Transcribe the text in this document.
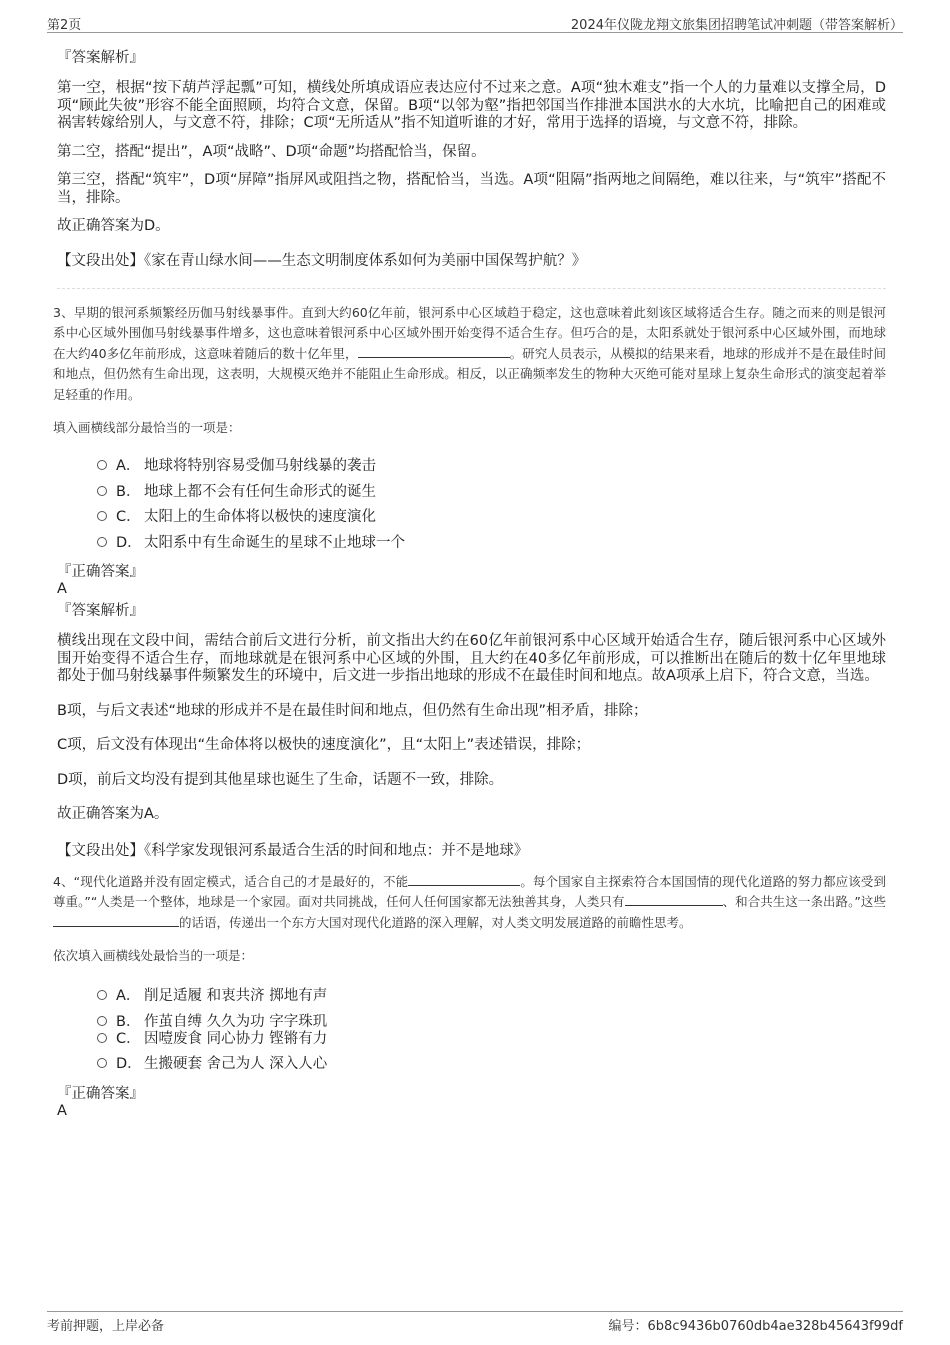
第2页	2024年仪陇龙翔文旅集团招聘笔试冲刺题（带答案解析）
『答案解析』

第一空，根据“按下葫芦浮起瓢”可知，横线处所填成语应表达应付不过来之意。A项“独木难支”指一个人的力量难以支撑全局，D项“顾此失彼”形容不能全面照顾，均符合文意，保留。B项“以邻为壑”指把邻国当作排泄本国洪水的大水坑，比喻把自己的困难或祸害转嫁给别人，与文意不符，排除；C项“无所适从”指不知道听谁的才好，常用于选择的语境，与文意不符，排除。

第二空，搭配“提出”，A项“战略”、D项“命题”均搭配恰当，保留。

第三空，搭配“筑牢”，D项“屏障”指屏风或阻挡之物，搭配恰当，当选。A项“阻隔”指两地之间隔绝，难以往来，与“筑牢”搭配不当，排除。

故正确答案为D。

【文段出处】《家在青山绿水间——生态文明制度体系如何为美丽中国保驾护航？》

3、早期的银河系频繁经历伽马射线暴事件。直到大约60亿年前，银河系中心区域趋于稳定，这也意味着此刻该区域将适合生存。随之而来的则是银河系中心区域外围伽马射线暴事件增多，这也意味着银河系中心区域外围开始变得不适合生存。但巧合的是，太阳系就处于银河系中心区域外围，而地球在大约40多亿年前形成，这意味着随后的数十亿年里，	。研究人员表示，从模拟的结果来看，地球的形成并不是在最佳时间和地点，但仍然有生命出现，这表明，大规模灭绝并不能阻止生命形成。相反，以正确频率发生的物种大灭绝可能对星球上复杂生命形式的演变起着举足轻重的作用。

填入画横线部分最恰当的一项是：

A． 地球将特别容易受伽马射线暴的袭击
B． 地球上都不会有任何生命形式的诞生
C． 太阳上的生命体将以极快的速度演化
D． 太阳系中有生命诞生的星球不止地球一个
『正确答案』

A

『答案解析』

横线出现在文段中间，需结合前后文进行分析，前文指出大约在60亿年前银河系中心区域开始适合生存，随后银河系中心区域外围开始变得不适合生存，而地球就是在银河系中心区域的外围，且大约在40多亿年前形成，可以推断出在随后的数十亿年里地球都处于伽马射线暴事件频繁发生的环境中，后文进一步指出地球的形成不在最佳时间和地点。故A项承上启下，符合文意，当选。

B项，与后文表述“地球的形成并不是在最佳时间和地点，但仍然有生命出现”相矛盾，排除；

C项，后文没有体现出“生命体将以极快的速度演化”，且“太阳上”表述错误，排除；

D项，前后文均没有提到其他星球也诞生了生命，话题不一致，排除。

故正确答案为A。

【文段出处】《科学家发现银河系最适合生活的时间和地点：并不是地球》

4、“现代化道路并没有固定模式，适合自己的才是最好的，不能	。每个国家自主探索符合本国国情的现代化道路的努力都应该受到尊重。”“人类是一个整体，地球是一个家园。面对共同挑战，任何人任何国家都无法独善其身，人类只有	、和合共生这一条出路。”这些的话语，传递出一个东方大国对现代化道路的深入理解，对人类文明发展道路的前瞻性思考。

依次填入画横线处最恰当的一项是：

A． 削足适履 和衷共济 掷地有声
B． 作茧自缚 久久为功 字字珠玑
C． 因噎废食 同心协力 铿锵有力
D． 生搬硬套 舍己为人 深入人心
『正确答案』

A

考前押题，上岸必备	编号：6b8c9436b0760db4ae328b45643f99df
